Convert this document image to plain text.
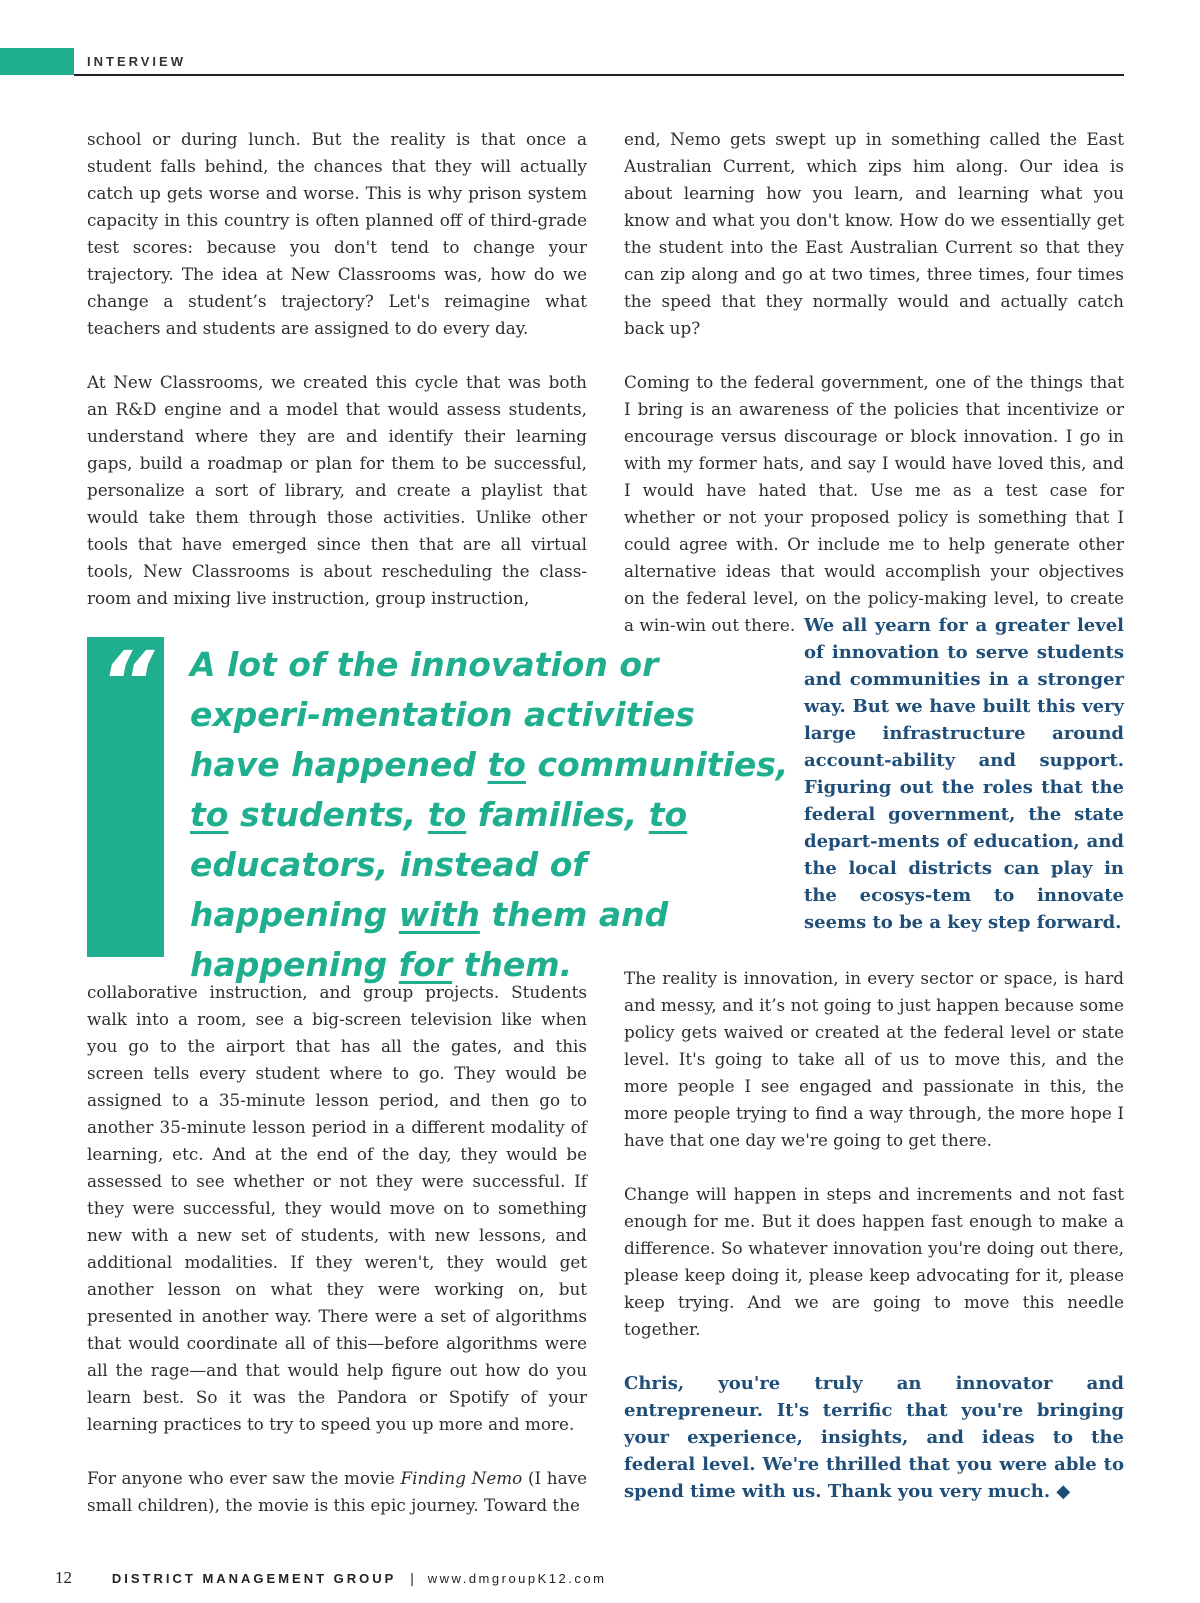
INTERVIEW

school or during lunch. But the reality is that once a student falls behind, the chances that they will actually catch up gets worse and worse. This is why prison system capacity in this country is often planned off of third-grade test scores: because you don't tend to change your trajectory. The idea at New Classrooms was, how do we change a student’s trajectory? Let's reimagine what teachers and students are assigned to do every day.

At New Classrooms, we created this cycle that was both an R&D engine and a model that would assess students, understand where they are and identify their learning gaps, build a roadmap or plan for them to be successful, personalize a sort of library, and create a playlist that would take them through those activities. Unlike other tools that have emerged since then that are all virtual tools, New Classrooms is about rescheduling the class-room and mixing live instruction, group instruction,

end, Nemo gets swept up in something called the East Australian Current, which zips him along. Our idea is about learning how you learn, and learning what you know and what you don't know. How do we essentially get the student into the East Australian Current so that they can zip along and go at two times, three times, four times the speed that they normally would and actually catch back up?

Coming to the federal government, one of the things that I bring is an awareness of the policies that incentivize or encourage versus discourage or block innovation. I go in with my former hats, and say I would have loved this, and I would have hated that. Use me as a test case for whether or not your proposed policy is something that I could agree with. Or include me to help generate other alternative ideas that would accomplish your objectives on the federal level, on the policy-making level, to create a win-win out there. We all yearn for a greater level of innovation to serve students and communities in a stronger way. But we have built this very large infrastructure around account-ability and support. Figuring out the roles that the federal government, the state depart-ments of education, and the local districts can play in the ecosys-tem to innovate seems to be a key step forward.

“ A lot of the innovation or experi-mentation activities have happened to communities, to students, to families, to educators, instead of happening with them and happening for them.

collaborative instruction, and group projects. Students walk into a room, see a big-screen television like when you go to the airport that has all the gates, and this screen tells every student where to go. They would be assigned to a 35-minute lesson period, and then go to another 35-minute lesson period in a different modality of learning, etc. And at the end of the day, they would be assessed to see whether or not they were successful. If they were successful, they would move on to something new with a new set of students, with new lessons, and additional modalities. If they weren't, they would get another lesson on what they were working on, but presented in another way. There were a set of algorithms that would coordinate all of this—before algorithms were all the rage—and that would help figure out how do you learn best. So it was the Pandora or Spotify of your learning practices to try to speed you up more and more.

For anyone who ever saw the movie Finding Nemo (I have small children), the movie is this epic journey. Toward the

The reality is innovation, in every sector or space, is hard and messy, and it’s not going to just happen because some policy gets waived or created at the federal level or state level. It's going to take all of us to move this, and the more people I see engaged and passionate in this, the more people trying to find a way through, the more hope I have that one day we're going to get there.

Change will happen in steps and increments and not fast enough for me. But it does happen fast enough to make a difference. So whatever innovation you're doing out there, please keep doing it, please keep advocating for it, please keep trying. And we are going to move this needle together.

Chris, you're truly an innovator and entrepreneur. It's terrific that you're bringing your experience, insights, and ideas to the federal level. We're thrilled that you were able to spend time with us. Thank you very much. ◆

12	DISTRICT MANAGEMENT GROUP | www.dmgroupK12.com
